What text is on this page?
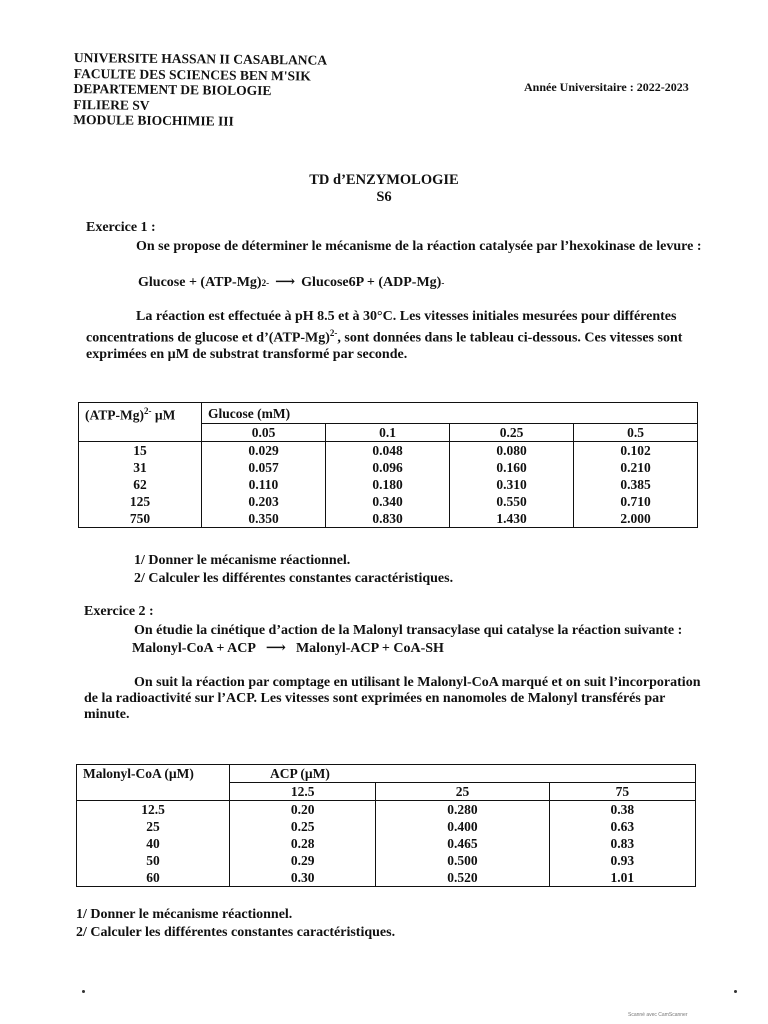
UNIVERSITE HASSAN II CASABLANCA
FACULTE DES SCIENCES BEN M'SIK
DEPARTEMENT DE BIOLOGIE
FILIERE SV
MODULE BIOCHIMIE III
Année Universitaire : 2022-2023
TD d’ENZYMOLOGIE
S6
Exercice 1 :
On se propose de déterminer le mécanisme de la réaction catalysée par l’hexokinase de levure :
Glucose + (ATP-Mg) 2- ⟶ Glucose6P + (ADP-Mg) -
La réaction est effectuée à pH 8.5 et à 30°C. Les vitesses initiales mesurées pour différentes concentrations de glucose et $d’(ATP-Mg)^{2-}$, sont données dans le tableau ci-dessous. Ces vitesses sont exprimées en µM de substrat transformé par seconde.
$(ATP-Mg)^{2-}$ µM	Glucose (mM)			
	0.05	0.1	0.25	0.5
15	0.029	0.048	0.080	0.102
31	0.057	0.096	0.160	0.210
62	0.110	0.180	0.310	0.385
125	0.203	0.340	0.550	0.710
750	0.350	0.830	1.430	2.000
1/ Donner le mécanisme réactionnel.
2/ Calculer les différentes constantes caractéristiques.
Exercice 2 :
On étudie la cinétique d’action de la Malonyl transacylase qui catalyse la réaction suivante :
Malonyl-CoA + ACP ⟶ Malonyl-ACP + CoA-SH
On suit la réaction par comptage en utilisant le Malonyl-CoA marqué et on suit l’incorporation de la radioactivité sur l’ACP. Les vitesses sont exprimées en nanomoles de Malonyl transférés par minute.
Malonyl-CoA (µM)	ACP (µM)		
	12.5	25	75
12.5	0.20	0.280	0.38
25	0.25	0.400	0.63
40	0.28	0.465	0.83
50	0.29	0.500	0.93
60	0.30	0.520	1.01
1/ Donner le mécanisme réactionnel.
2/ Calculer les différentes constantes caractéristiques.
Scanné avec CamScanner
